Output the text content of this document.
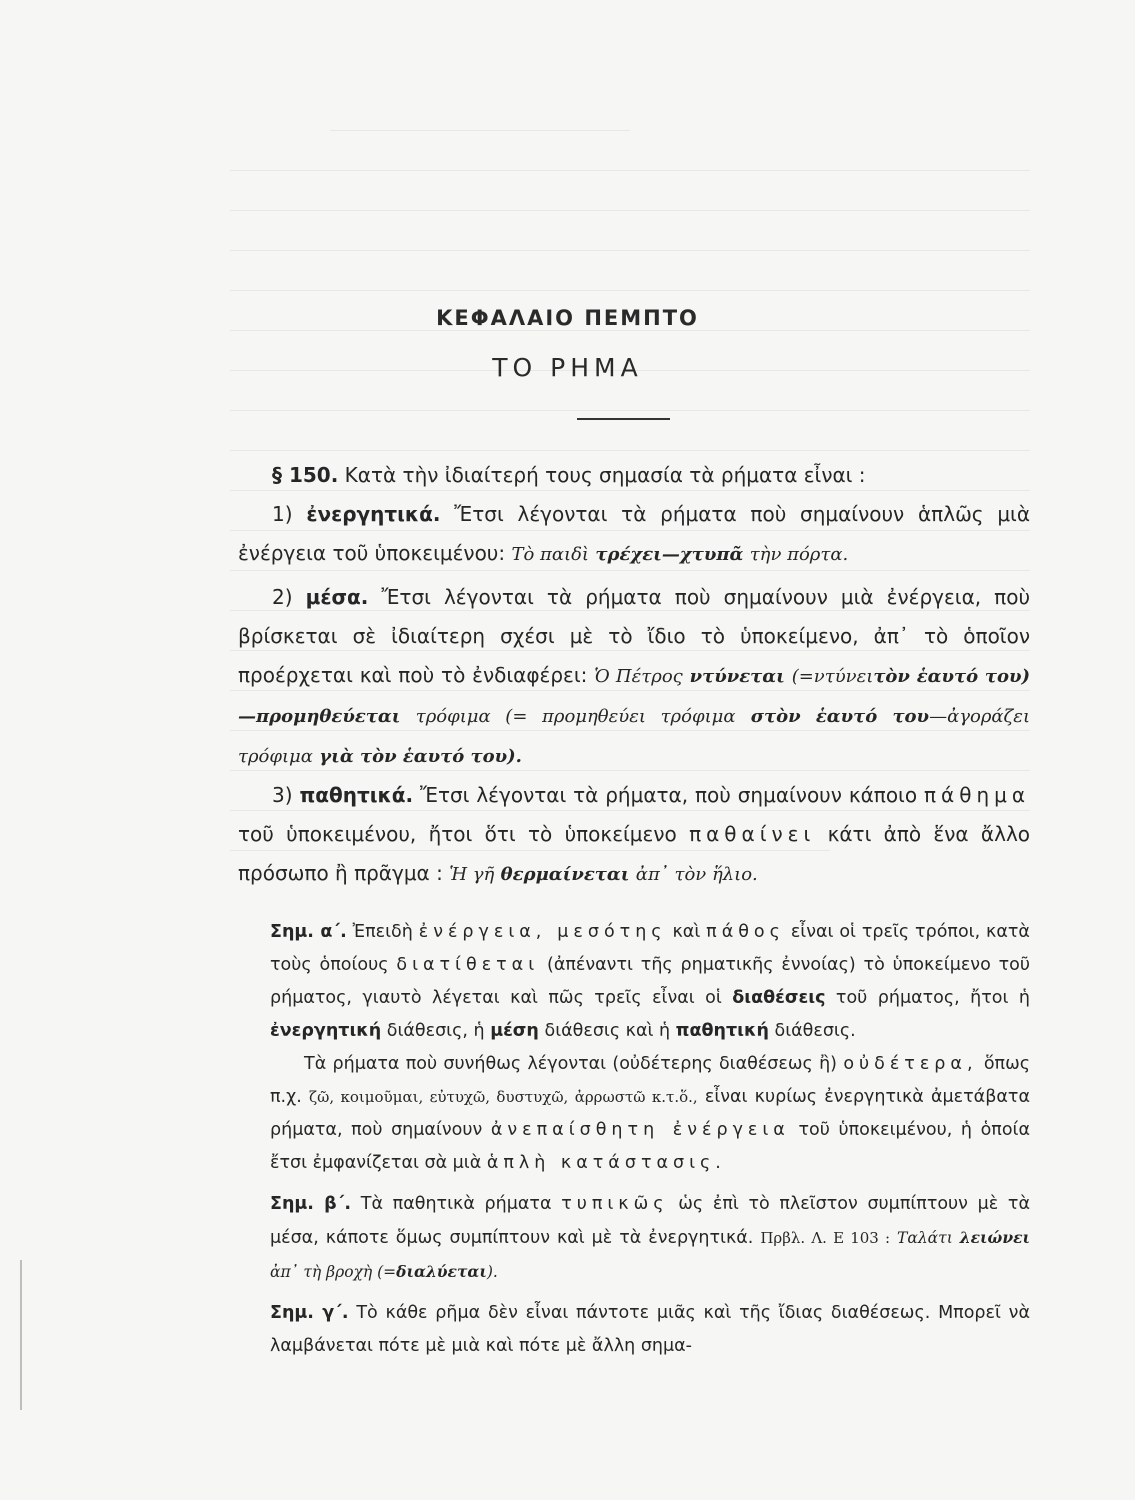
ΚΕΦΑΛΑΙΟ ΠΕΜΠΤΟ
ΤΟ ΡΗΜΑ

§ 150. Κατὰ τὴν ἰδιαίτερή τους σημασία τὰ ρήματα εἶναι :

1) ἐνεργητικά. Ἔτσι λέγονται τὰ ρήματα ποὺ σημαίνουν ἁπλῶς μιὰ ἐνέργεια τοῦ ὑποκειμένου: Τὸ παιδὶ τρέχει—χτυπᾶ τὴν πόρτα.

2) μέσα. Ἔτσι λέγονται τὰ ρήματα ποὺ σημαίνουν μιὰ ἐνέργεια, ποὺ βρίσκεται σὲ ἰδιαίτερη σχέσι μὲ τὸ ἴδιο τὸ ὑποκείμενο, ἀπ᾽ τὸ ὁποῖον προέρχεται καὶ ποὺ τὸ ἐνδιαφέρει: Ὁ Πέτρος ντύνεται (=ντύνειτὸν ἑαυτό του)—προμηθεύεται τρόφιμα (= προμηθεύει τρόφιμα στὸν ἑαυτό του—ἀγοράζει τρόφιμα γιὰ τὸν ἑαυτό του).

3) παθητικά. Ἔτσι λέγονται τὰ ρήματα, ποὺ σημαίνουν κάποιο πάθημα τοῦ ὑποκειμένου, ἤτοι ὅτι τὸ ὑποκείμενο παθαίνει κάτι ἀπὸ ἕνα ἄλλο πρόσωπο ἢ πρᾶγμα : Ἡ γῆ θερμαίνεται ἀπ᾽ τὸν ἥλιο.

Σημ. α΄. Ἐπειδὴ ἐνέργεια, μεσότης καὶ πάθος εἶναι οἱ τρεῖς τρόποι, κατὰ τοὺς ὁποίους διατίθεται (ἀπέναντι τῆς ρηματικῆς ἐννοίας) τὸ ὑποκείμενο τοῦ ρήματος, γιαυτὸ λέγεται καὶ πῶς τρεῖς εἶναι οἱ διαθέσεις τοῦ ρήματος, ἤτοι ἡ ἐνεργητική διάθεσις, ἡ μέση διάθεσις καὶ ἡ παθητική διάθεσις.

Τὰ ρήματα ποὺ συνήθως λέγονται (οὐδέτερης διαθέσεως ἢ) οὐδέτερα, ὅπως π.χ. ζῶ, κοιμοῦμαι, εὐτυχῶ, δυστυχῶ, ἀρρωστῶ κ.τ.ὅ., εἶναι κυρίως ἐνεργητικὰ ἀμετάβατα ρήματα, ποὺ σημαίνουν ἀνεπαίσθητη ἐνέργεια τοῦ ὑποκειμένου, ἡ ὁποία ἔτσι ἐμφανίζεται σὰ μιὰ ἁπλὴ κατάστασις.

Σημ. β΄. Τὰ παθητικὰ ρήματα τυπικῶς ὡς ἐπὶ τὸ πλεῖστον συμπίπτουν μὲ τὰ μέσα, κάποτε ὅμως συμπίπτουν καὶ μὲ τὰ ἐνεργητικά. Πρβλ. Λ. Ε 103 : Ταλάτι λειώνει ἀπ᾽ τὴ βροχὴ (=διαλύεται).

Σημ. γ΄. Τὸ κάθε ρῆμα δὲν εἶναι πάντοτε μιᾶς καὶ τῆς ἴδιας διαθέσεως. Μπορεῖ νὰ λαμβάνεται πότε μὲ μιὰ καὶ πότε μὲ ἄλλη σημα-
